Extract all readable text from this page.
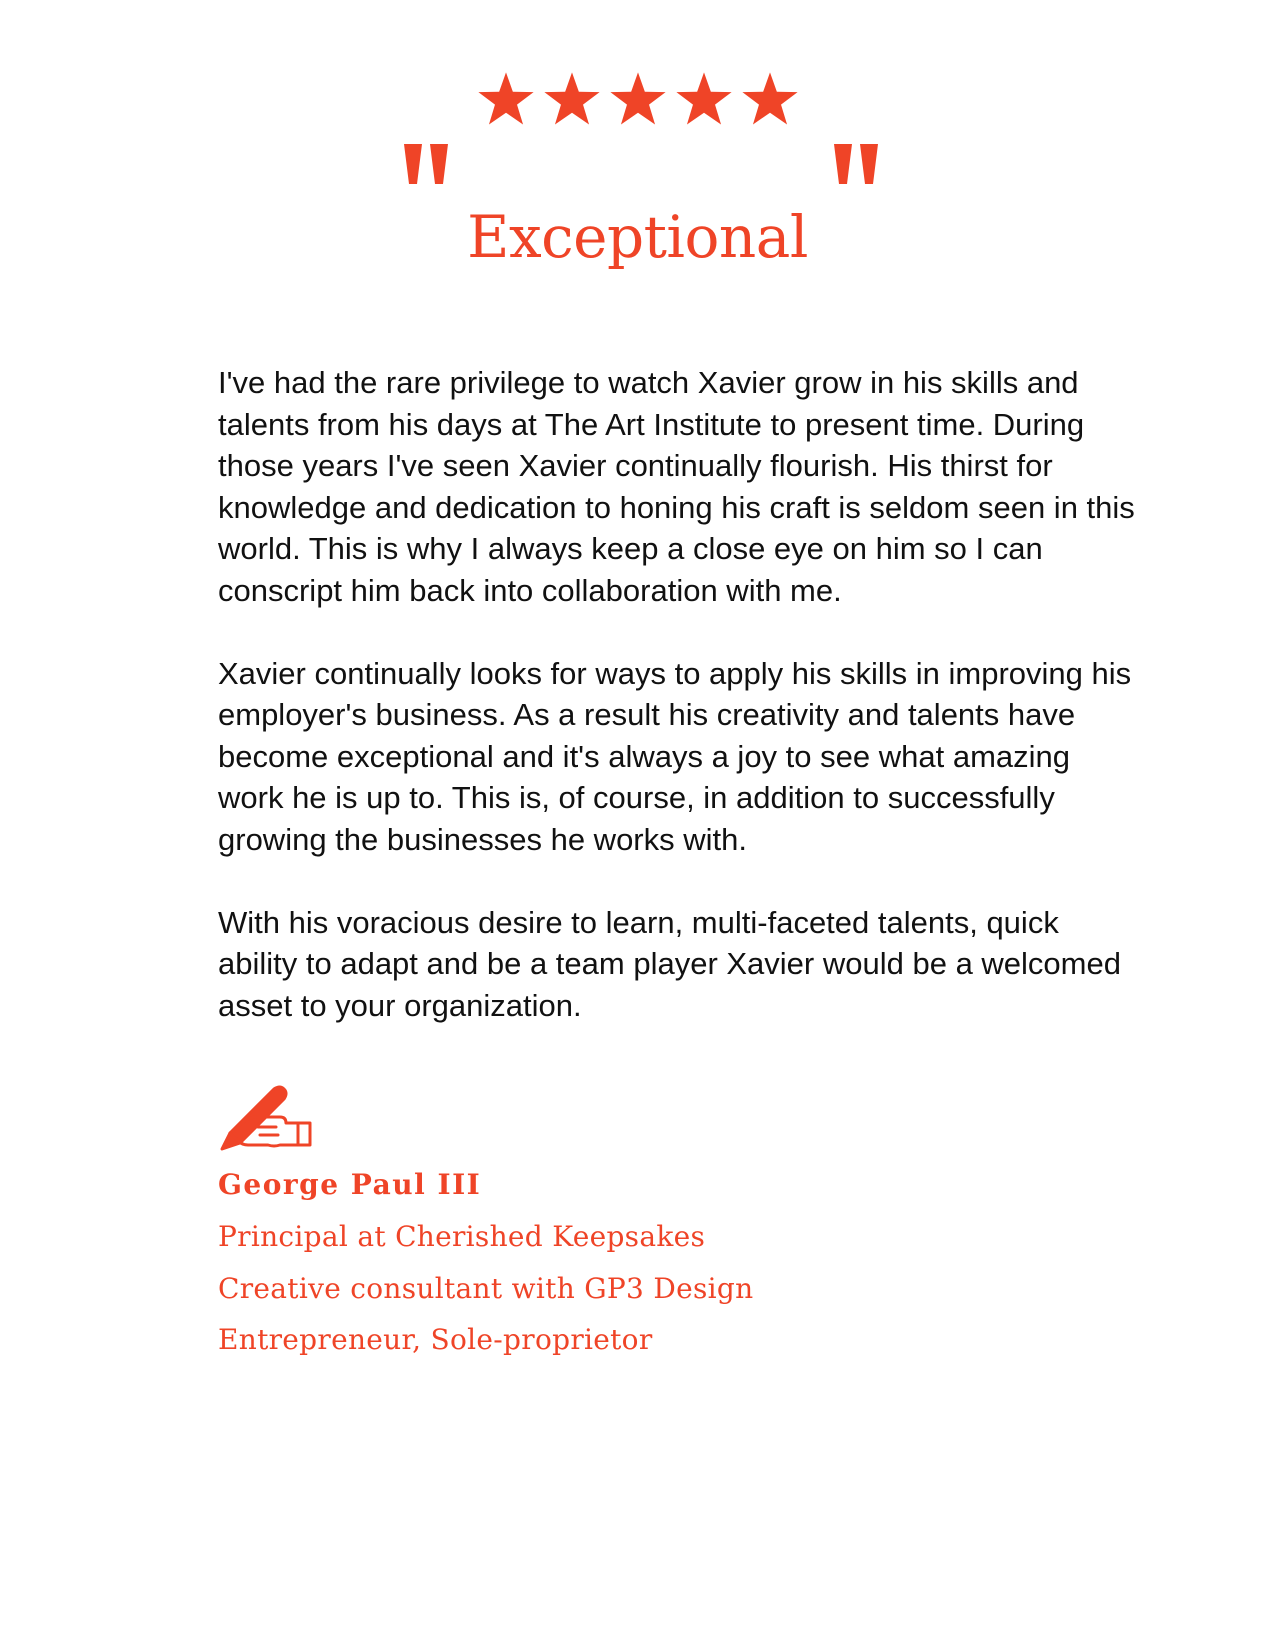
Exceptional

I've had the rare privilege to watch Xavier grow in his skills and talents from his days at The Art Institute to present time. During those years I've seen Xavier continually flourish. His thirst for knowledge and dedication to honing his craft is seldom seen in this world. This is why I always keep a close eye on him so I can conscript him back into collaboration with me.

Xavier continually looks for ways to apply his skills in improving his employer's business. As a result his creativity and talents have become exceptional and it's always a joy to see what amazing work he is up to. This is, of course, in addition to successfully growing the businesses he works with.

With his voracious desire to learn, multi-faceted talents, quick ability to adapt and be a team player Xavier would be a welcomed asset to your organization.

George Paul III
Principal at Cherished Keepsakes
Creative consultant with GP3 Design
Entrepreneur, Sole-proprietor
